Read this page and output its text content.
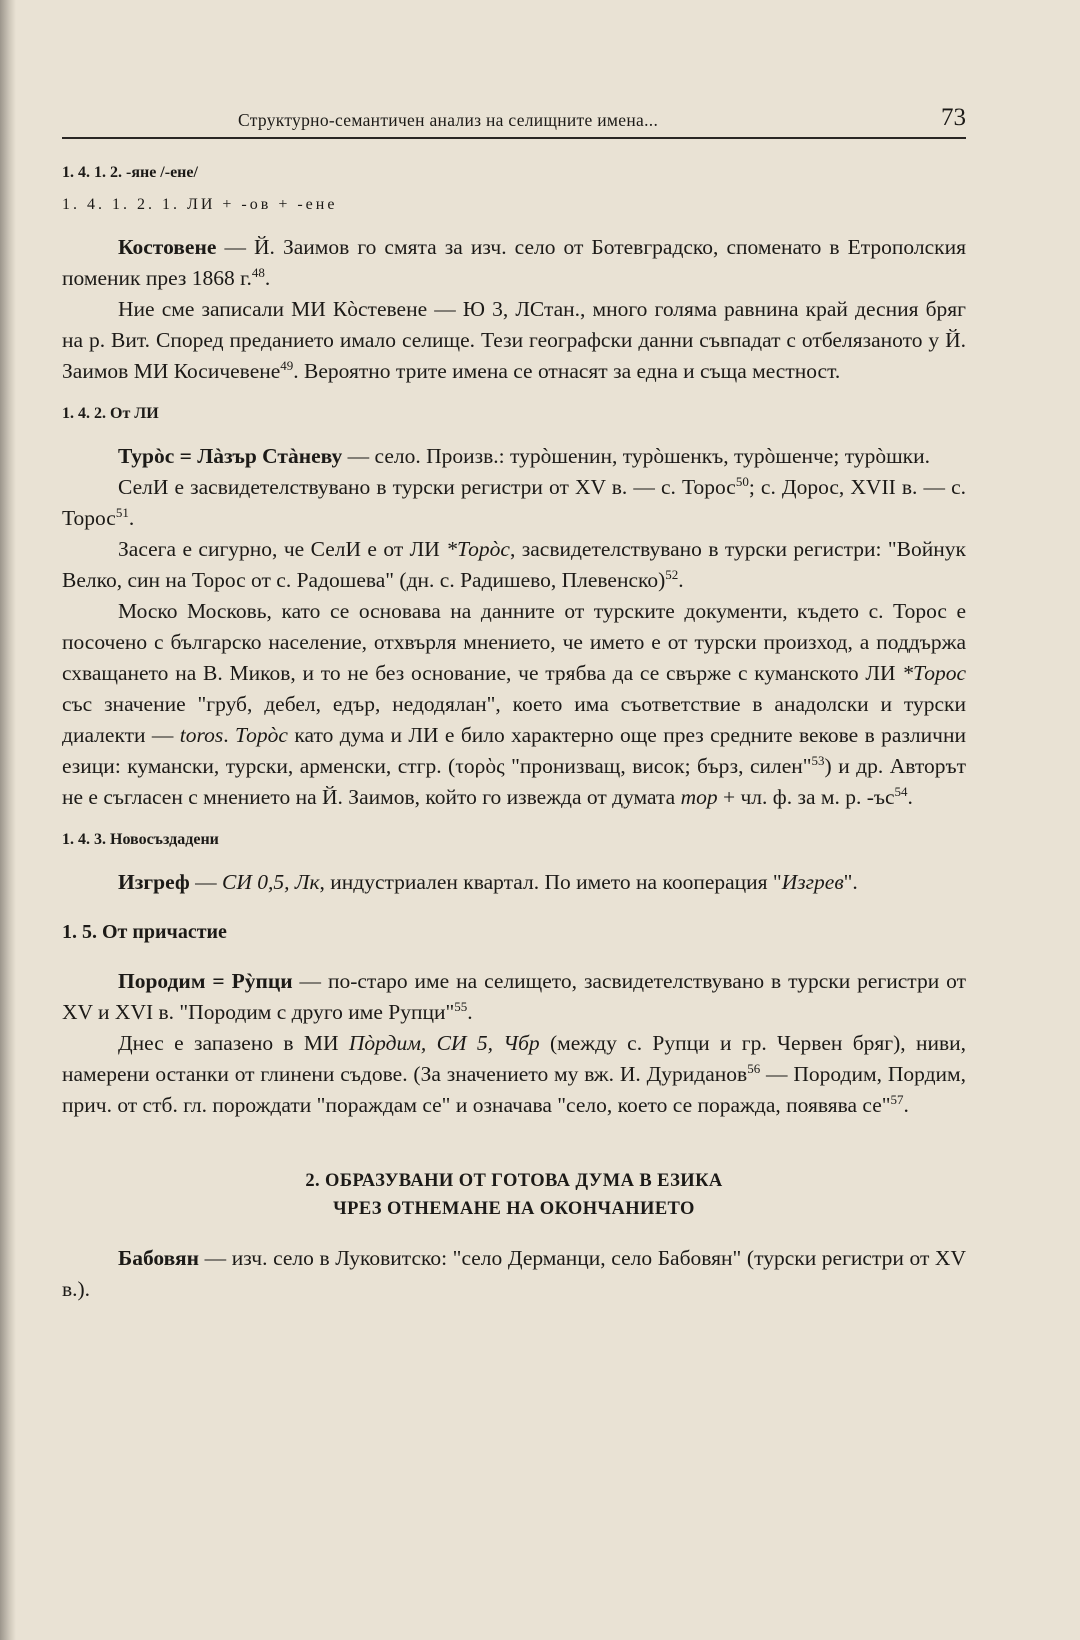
Структурно-семантичен анализ на селищните имена...	73
1. 4. 1. 2. -яне /-ене/
1. 4. 1. 2. 1. ЛИ + -ов + -ене

Костовене — Й. Заимов го смята за изч. село от Ботевградско, споменато в Етрополския поменик през 1868 г.$^{48}$.

Ние сме записали МИ Кòстевене — Ю 3, ЛСтан., много голяма равнина край десния бряг на р. Вит. Според преданието имало селище. Тези географски данни съвпадат с отбелязаното у Й. Заимов МИ Косичевене$^{49}$. Вероятно трите имена се отнасят за една и съща местност.

1. 4. 2. От ЛИ

Турòс = Лàзър Стàневу — село. Произв.: турòшенин, турòшенкъ, турòшенче; турòшки.

СелИ е засвидетелствувано в турски регистри от XV в. — с. Торос$^{50}$; с. Дорос, XVII в. — с. Торос$^{51}$.

Засега е сигурно, че СелИ е от ЛИ *Торòс, засвидетелствувано в турски регистри: "Войнук Велко, син на Торос от с. Радошева" (дн. с. Радишево, Плевенско)$^{52}$.

Моско Московь, като се основава на данните от турските документи, където с. Торос е посочено с българско население, отхвърля мнението, че името е от турски произход, а поддържа схващането на В. Миков, и то не без основание, че трябва да се свърже с куманското ЛИ *Торос със значение "груб, дебел, едър, недодялан", което има съответствие в анадолски и турски диалекти — toros. Торòс като дума и ЛИ е било характерно още през средните векове в различни езици: кумански, турски, арменски, стгр. (τορὸς "пронизващ, висок; бърз, силен"$^{53}$) и др. Авторът не е съгласен с мнението на Й. Заимов, който го извежда от думата тор + чл. ф. за м. р. $-ъс^{54}$.

1. 4. 3. Новосъздадени

Изгреф — СИ 0,5, Лк, индустриален квартал. По името на кооперация "Изгрев".

1. 5. От причастие

Породим = Рỳпци — по-старо име на селището, засвидетелствувано в турски регистри от XV и XVI в. "Породим с друго име Рупци"$^{55}$.

Днес е запазено в МИ Пòрдим, СИ 5, Чбр (между с. Рупци и гр. Червен бряг), ниви, намерени останки от глинени съдове. (За значението му вж. И. Дуриданов$^{56}$ — Породим, Пордим, прич. от стб. гл. порождати "пораждам се" и означава "село, което се поражда, появява се"$^{57}$.

2. ОБРАЗУВАНИ ОТ ГОТОВА ДУМА В ЕЗИКА
ЧРЕЗ ОТНЕМАНЕ НА ОКОНЧАНИЕТО

Бабовян — изч. село в Луковитско: "село Дерманци, село Бабовян" (турски регистри от XV в.).
